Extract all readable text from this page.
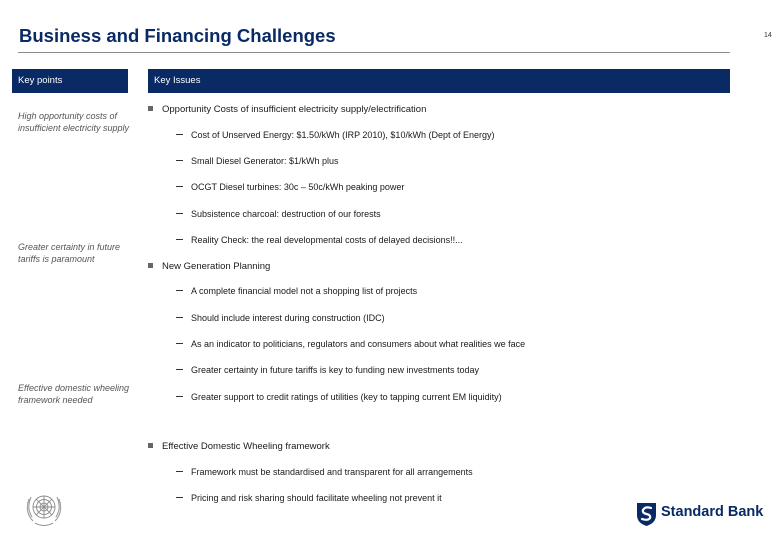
Business and Financing Challenges	14
Key points	Key Issues
High opportunity costs of insufficient electricity supply
Greater certainty in future tariffs is paramount
Effective domestic wheeling framework needed
Opportunity Costs of insufficient electricity supply/electrification
Cost of Unserved Energy: $1.50/kWh (IRP 2010), $10/kWh (Dept of Energy)
Small Diesel Generator: $1/kWh plus
OCGT Diesel turbines: 30c – 50c/kWh peaking power
Subsistence charcoal: destruction of our forests
Reality Check: the real developmental costs of delayed decisions!!...
New Generation Planning
A complete financial model not a shopping list of projects
Should include interest during construction (IDC)
As an indicator to politicians, regulators and consumers about what realities we face
Greater certainty in future tariffs is key to funding new investments today
Greater support to credit ratings of utilities (key to tapping current EM liquidity)
Effective Domestic Wheeling framework
Framework must be standardised and transparent for all arrangements
Pricing and risk sharing should facilitate wheeling not prevent it
Standard Bank
